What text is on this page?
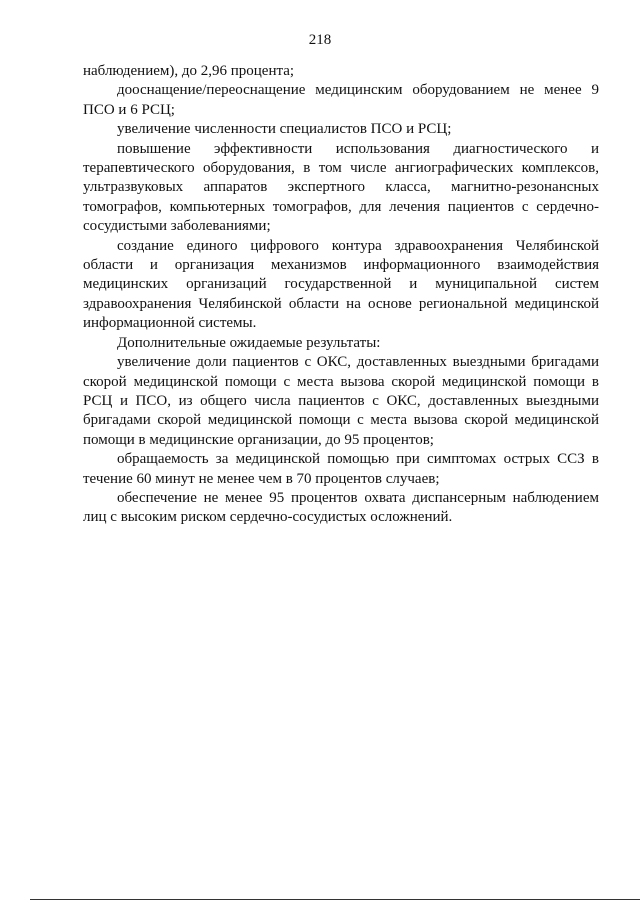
218

наблюдением), до 2,96 процента;

дооснащение/переоснащение медицинским оборудованием не менее 9 ПСО и 6 РСЦ;

увеличение численности специалистов ПСО и РСЦ;

повышение эффективности использования диагностического и терапевтического оборудования, в том числе ангиографических комплексов, ультразвуковых аппаратов экспертного класса, магнитно-резонансных томографов, компьютерных томографов, для лечения пациентов с сердечно-сосудистыми заболеваниями;

создание единого цифрового контура здравоохранения Челябинской области и организация механизмов информационного взаимодействия медицинских организаций государственной и муниципальной систем здравоохранения Челябинской области на основе региональной медицинской информационной системы.

Дополнительные ожидаемые результаты:

увеличение доли пациентов с ОКС, доставленных выездными бригадами скорой медицинской помощи с места вызова скорой медицинской помощи в РСЦ и ПСО, из общего числа пациентов с ОКС, доставленных выездными бригадами скорой медицинской помощи с места вызова скорой медицинской помощи в медицинские организации, до 95 процентов;

обращаемость за медицинской помощью при симптомах острых ССЗ в течение 60 минут не менее чем в 70 процентов случаев;

обеспечение не менее 95 процентов охвата диспансерным наблюдением лиц с высоким риском сердечно-сосудистых осложнений.
